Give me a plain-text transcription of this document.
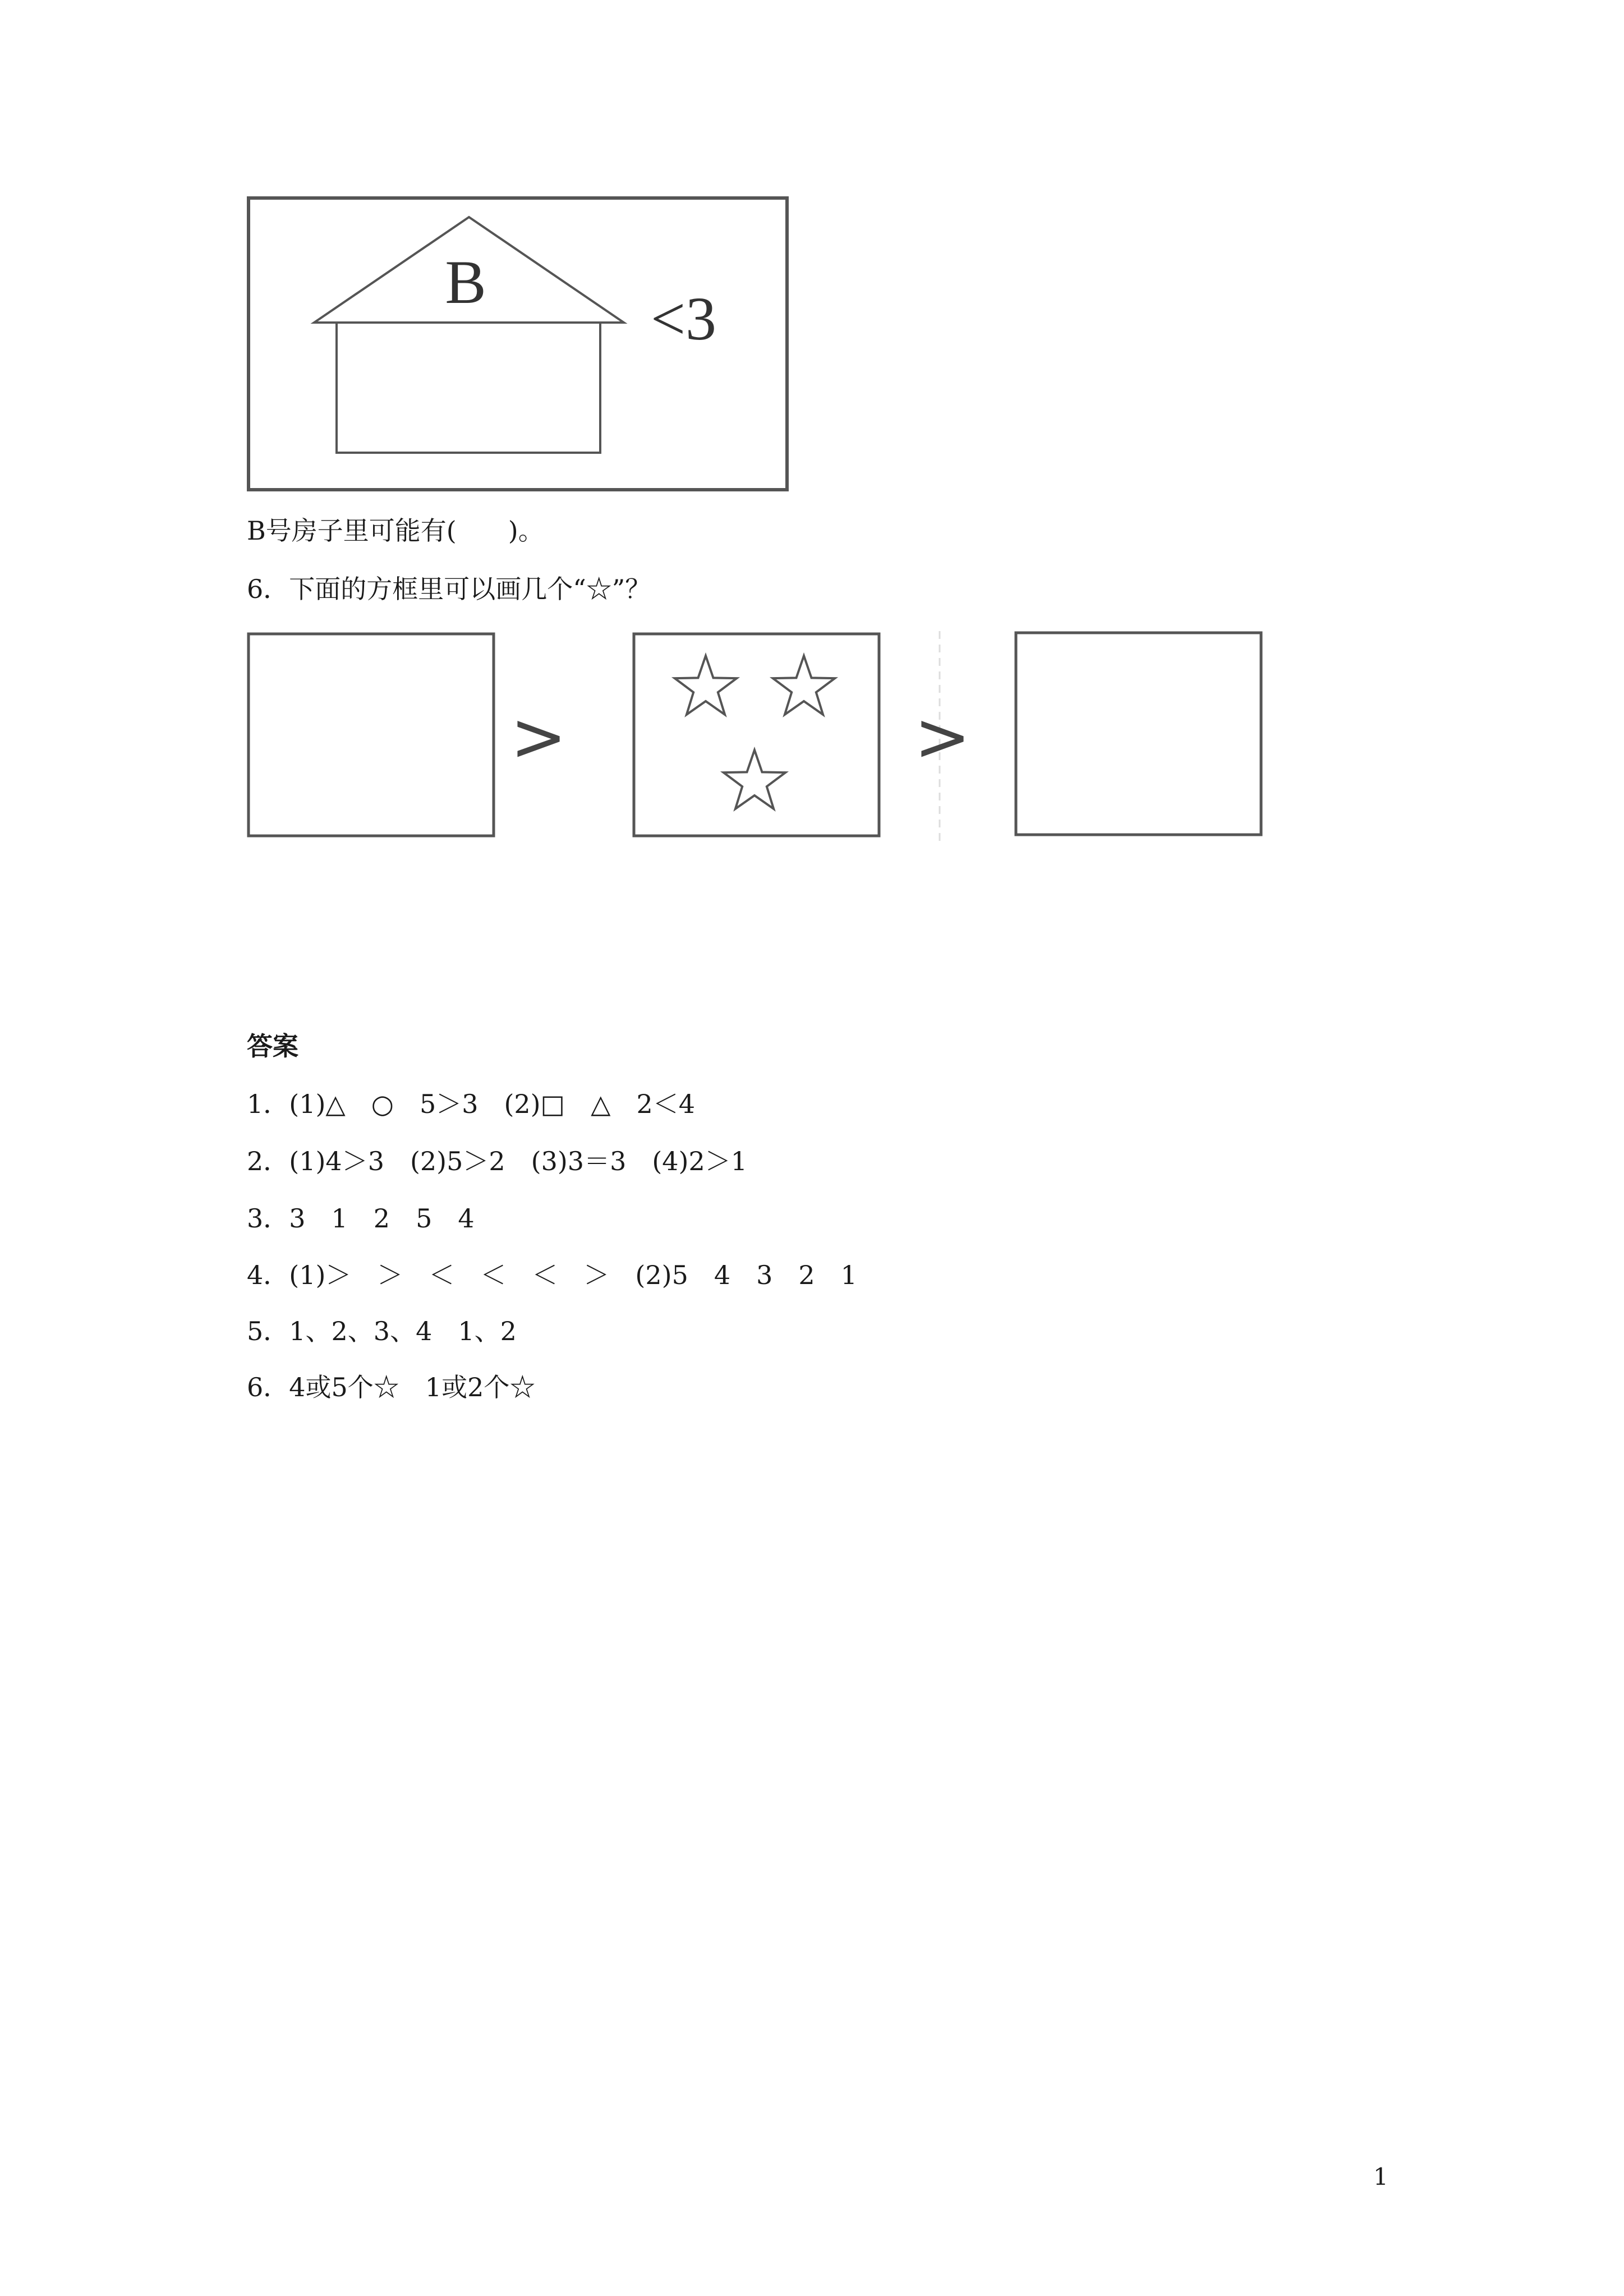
B
<3
B号房子里可能有(　　)。
6．下面的方框里可以画几个“☆”？
>	>
答案
1．(1)△　○　5＞3　(2)□　△　2＜4
2．(1)4＞3　(2)5＞2　(3)3＝3　(4)2＞1
3．3　1　2　5　4
4．(1)＞　＞　＜　＜　＜　＞　(2)5　4　3　2　1
5．1、2、3、4　1、2
6．4或5个☆　1或2个☆
1
